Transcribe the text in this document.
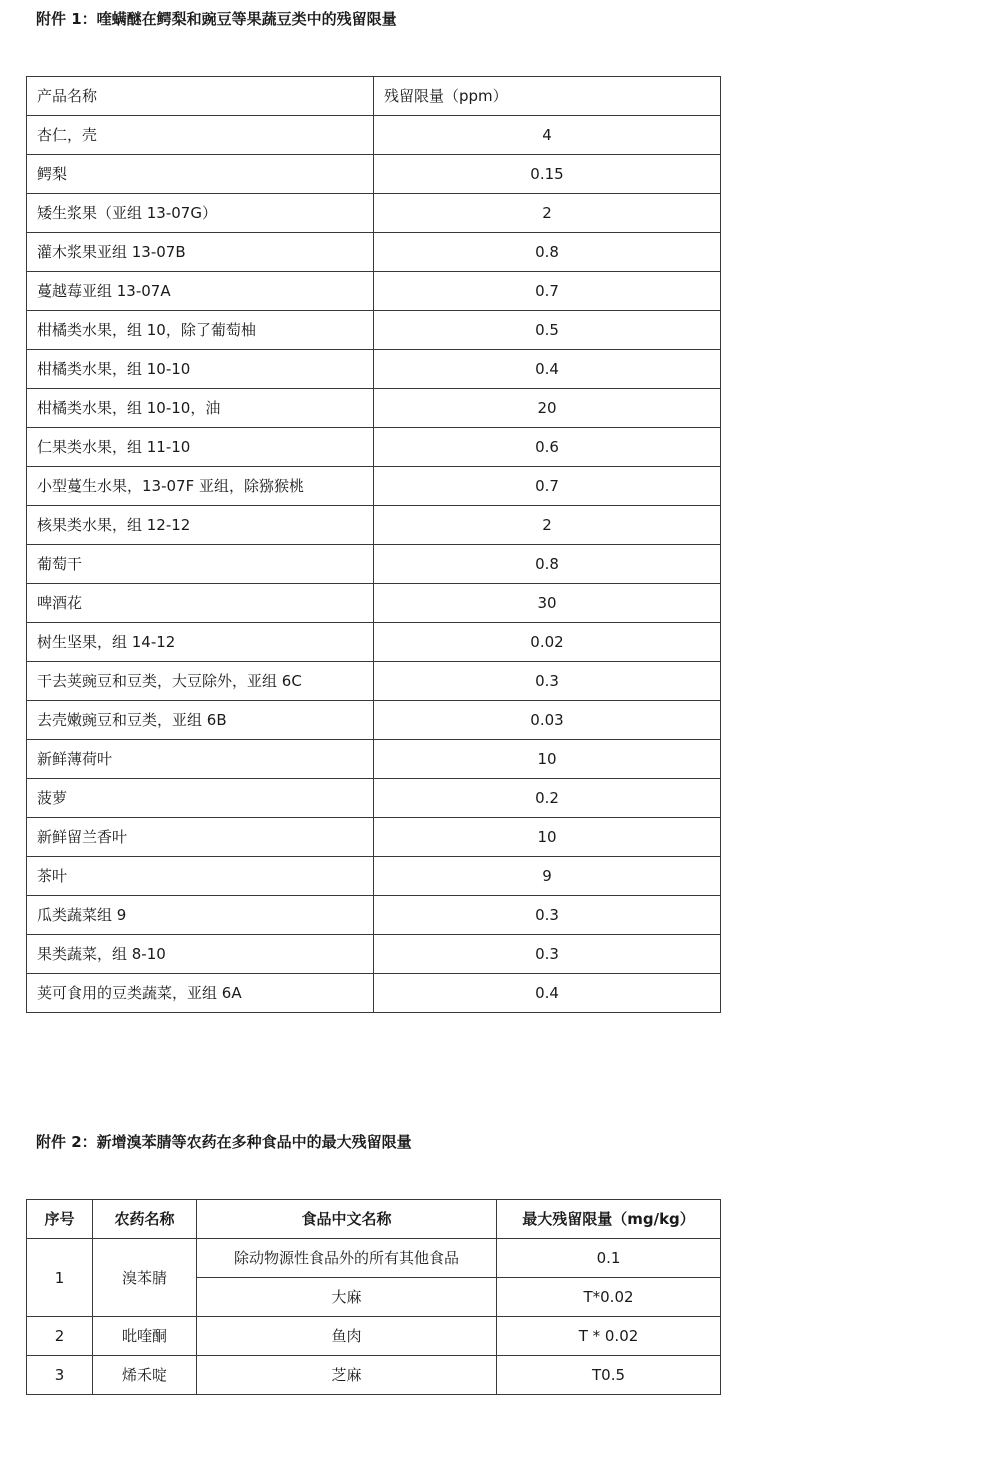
附件 1：喹螨醚在鳄梨和豌豆等果蔬豆类中的残留限量
产品名称	残留限量（ppm）
杏仁，壳	4
鳄梨	0.15
矮生浆果（亚组 13-07G）	2
灌木浆果亚组 13-07B	0.8
蔓越莓亚组 13-07A	0.7
柑橘类水果，组 10，除了葡萄柚	0.5
柑橘类水果，组 10-10	0.4
柑橘类水果，组 10-10，油	20
仁果类水果，组 11-10	0.6
小型蔓生水果，13-07F 亚组，除猕猴桃	0.7
核果类水果，组 12-12	2
葡萄干	0.8
啤酒花	30
树生坚果，组 14-12	0.02
干去荚豌豆和豆类，大豆除外，亚组 6C	0.3
去壳嫩豌豆和豆类，亚组 6B	0.03
新鲜薄荷叶	10
菠萝	0.2
新鲜留兰香叶	10
茶叶	9
瓜类蔬菜组 9	0.3
果类蔬菜，组 8-10	0.3
荚可食用的豆类蔬菜，亚组 6A	0.4
附件 2：新增溴苯腈等农药在多种食品中的最大残留限量
序号	农药名称	食品中文名称	最大残留限量（mg/kg）
1	溴苯腈	除动物源性食品外的所有其他食品	0.1
		大麻	T*0.02
2	吡喹酮	鱼肉	T * 0.02
3	烯禾啶	芝麻	T0.5
